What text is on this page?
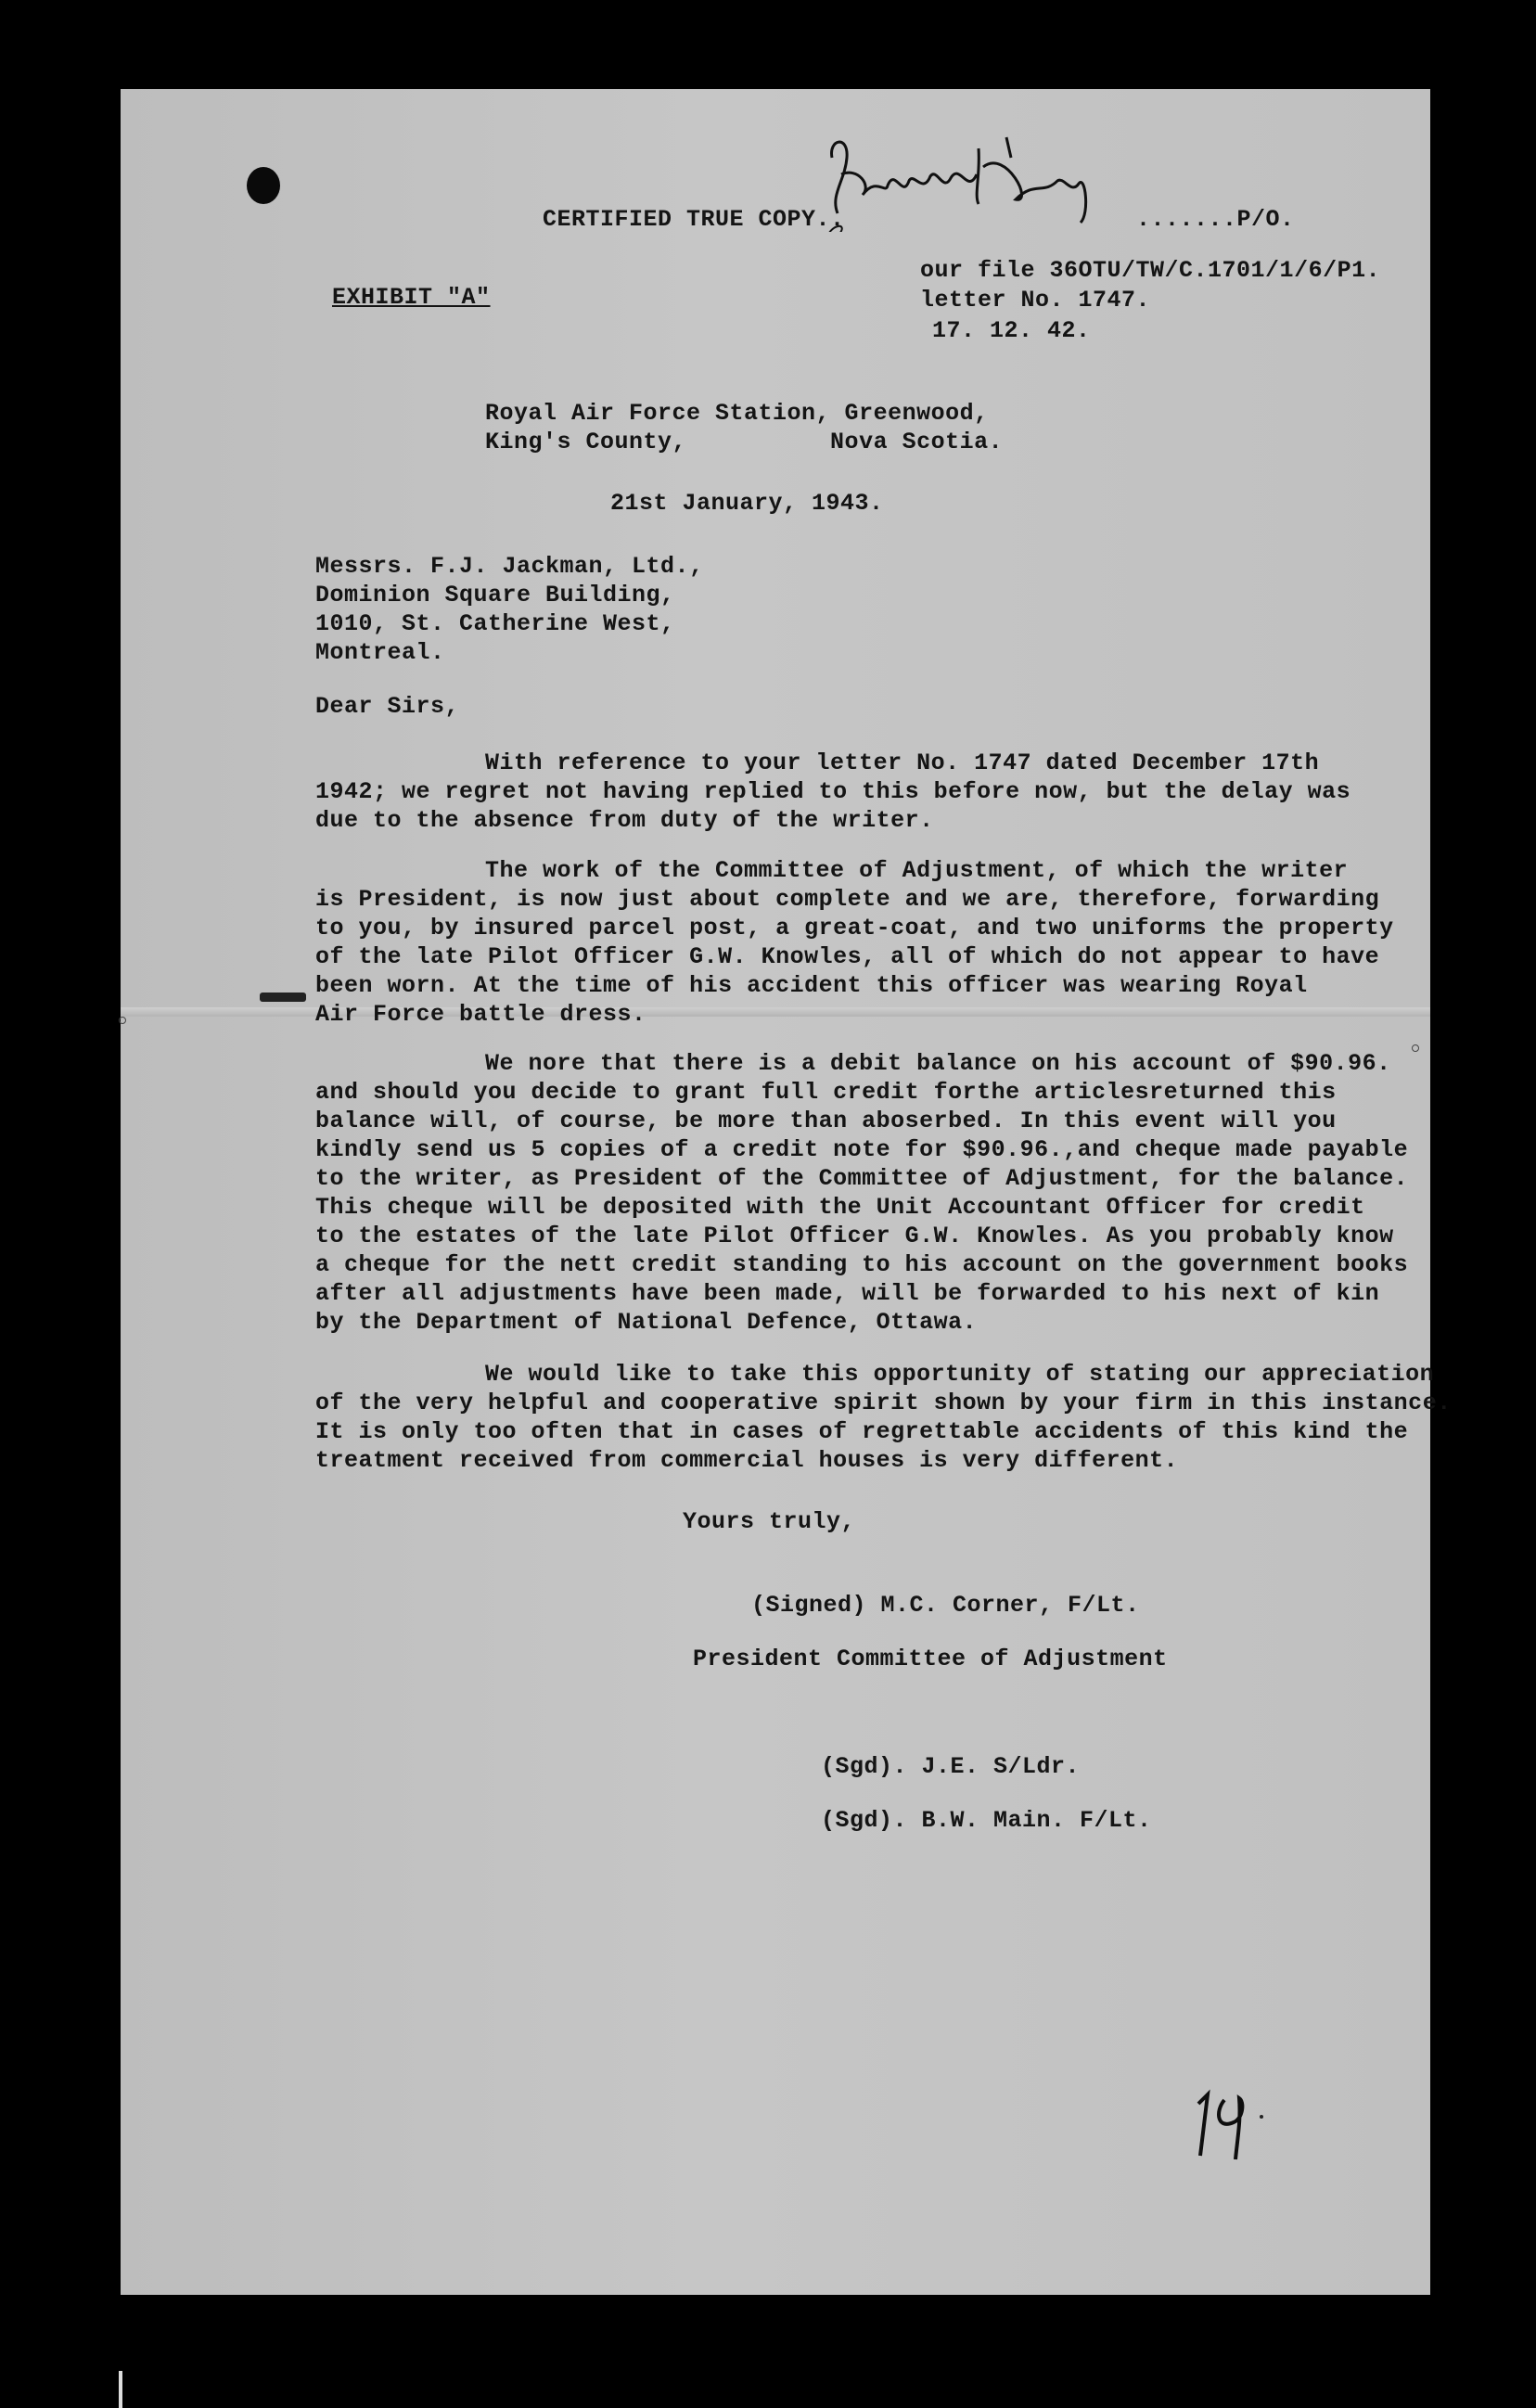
CERTIFIED TRUE COPY..	.......P/O.
EXHIBIT "A"
our file 36OTU/TW/C.1701/1/6/P1.
letter No. 1747.
17. 12. 42.
Royal Air Force Station, Greenwood,
King's County,          Nova Scotia.
21st January, 1943.
Messrs. F.J. Jackman, Ltd.,
Dominion Square Building,
1010, St. Catherine West,
Montreal.
Dear Sirs,
With reference to your letter No. 1747 dated December 17th
1942; we regret not having replied to this before now, but the delay was
due to the absence from duty of the writer.
The work of the Committee of Adjustment, of which the writer
is President, is now just about complete and we are, therefore, forwarding
to you, by insured parcel post, a great-coat, and two uniforms the property
of the late Pilot Officer G.W. Knowles, all of which do not appear to have
been worn. At the time of his accident this officer was wearing Royal
Air Force battle dress.
We nore that there is a debit balance on his account of $90.96.
and should you decide to grant full credit forthe articlesreturned this
balance will, of course, be more than aboserbed. In this event will you
kindly send us 5 copies of a credit note for $90.96.,and cheque made payable
to the writer, as President of the Committee of Adjustment, for the balance.
This cheque will be deposited with the Unit Accountant Officer for credit
to the estates of the late Pilot Officer G.W. Knowles. As you probably know
a cheque for the nett credit standing to his account on the government books
after all adjustments have been made, will be forwarded to his next of kin
by the Department of National Defence, Ottawa.
We would like to take this opportunity of stating our appreciation
of the very helpful and cooperative spirit shown by your firm in this instance.
It is only too often that in cases of regrettable accidents of this kind the
treatment received from commercial houses is very different.
Yours truly,
(Signed) M.C. Corner, F/Lt.
President Committee of Adjustment
(Sgd). J.E. S/Ldr.
(Sgd). B.W. Main. F/Lt.
